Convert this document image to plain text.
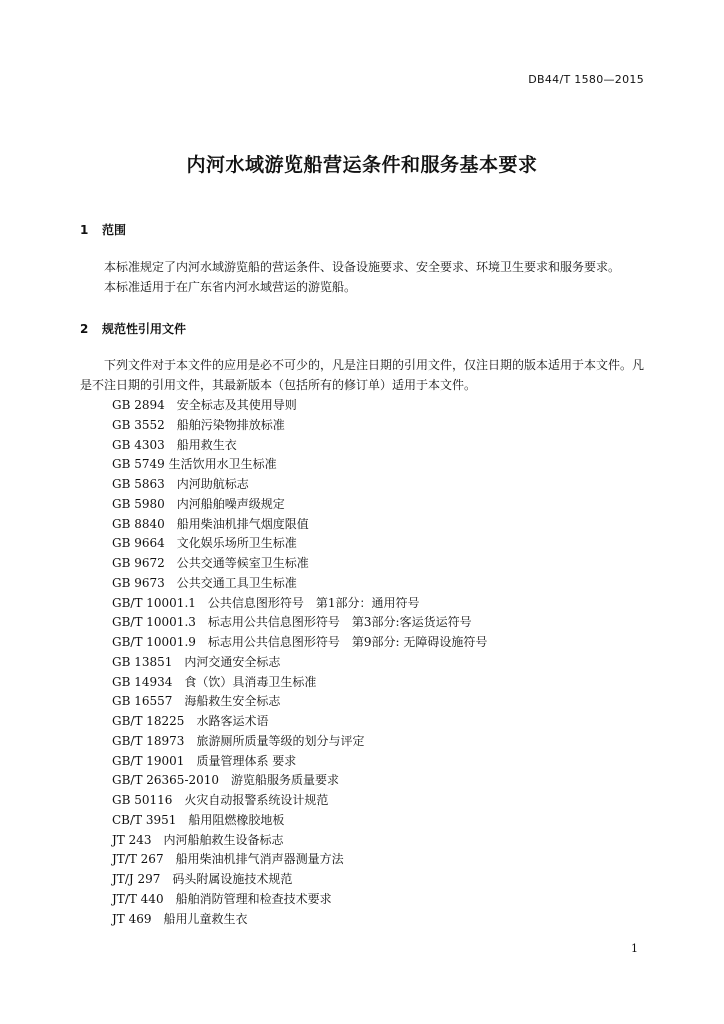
DB44/T 1580—2015
内河水域游览船营运条件和服务基本要求
1 范围
本标准规定了内河水域游览船的营运条件、设备设施要求、安全要求、环境卫生要求和服务要求。
本标准适用于在广东省内河水域营运的游览船。
2 规范性引用文件
下列文件对于本文件的应用是必不可少的，凡是注日期的引用文件，仅注日期的版本适用于本文件。凡是不注日期的引用文件，其最新版本（包括所有的修订单）适用于本文件。
GB 2894　安全标志及其使用导则
GB 3552　船舶污染物排放标准
GB 4303　船用救生衣
GB 5749 生活饮用水卫生标准
GB 5863　内河助航标志
GB 5980　内河船舶噪声级规定
GB 8840　船用柴油机排气烟度限值
GB 9664　文化娱乐场所卫生标准
GB 9672　公共交通等候室卫生标准
GB 9673　公共交通工具卫生标准
GB/T 10001.1　公共信息图形符号　第1部分：通用符号
GB/T 10001.3　标志用公共信息图形符号　第3部分:客运货运符号
GB/T 10001.9　标志用公共信息图形符号　第9部分: 无障碍设施符号
GB 13851　内河交通安全标志
GB 14934　食（饮）具消毒卫生标准
GB 16557　海船救生安全标志
GB/T 18225　水路客运术语
GB/T 18973　旅游厕所质量等级的划分与评定
GB/T 19001　质量管理体系 要求
GB/T 26365-2010　游览船服务质量要求
GB 50116　火灾自动报警系统设计规范
CB/T 3951　船用阻燃橡胶地板
JT 243　内河船舶救生设备标志
JT/T 267　船用柴油机排气消声器测量方法
JT/J 297　码头附属设施技术规范
JT/T 440　船舶消防管理和检查技术要求
JT 469　船用儿童救生衣
1
